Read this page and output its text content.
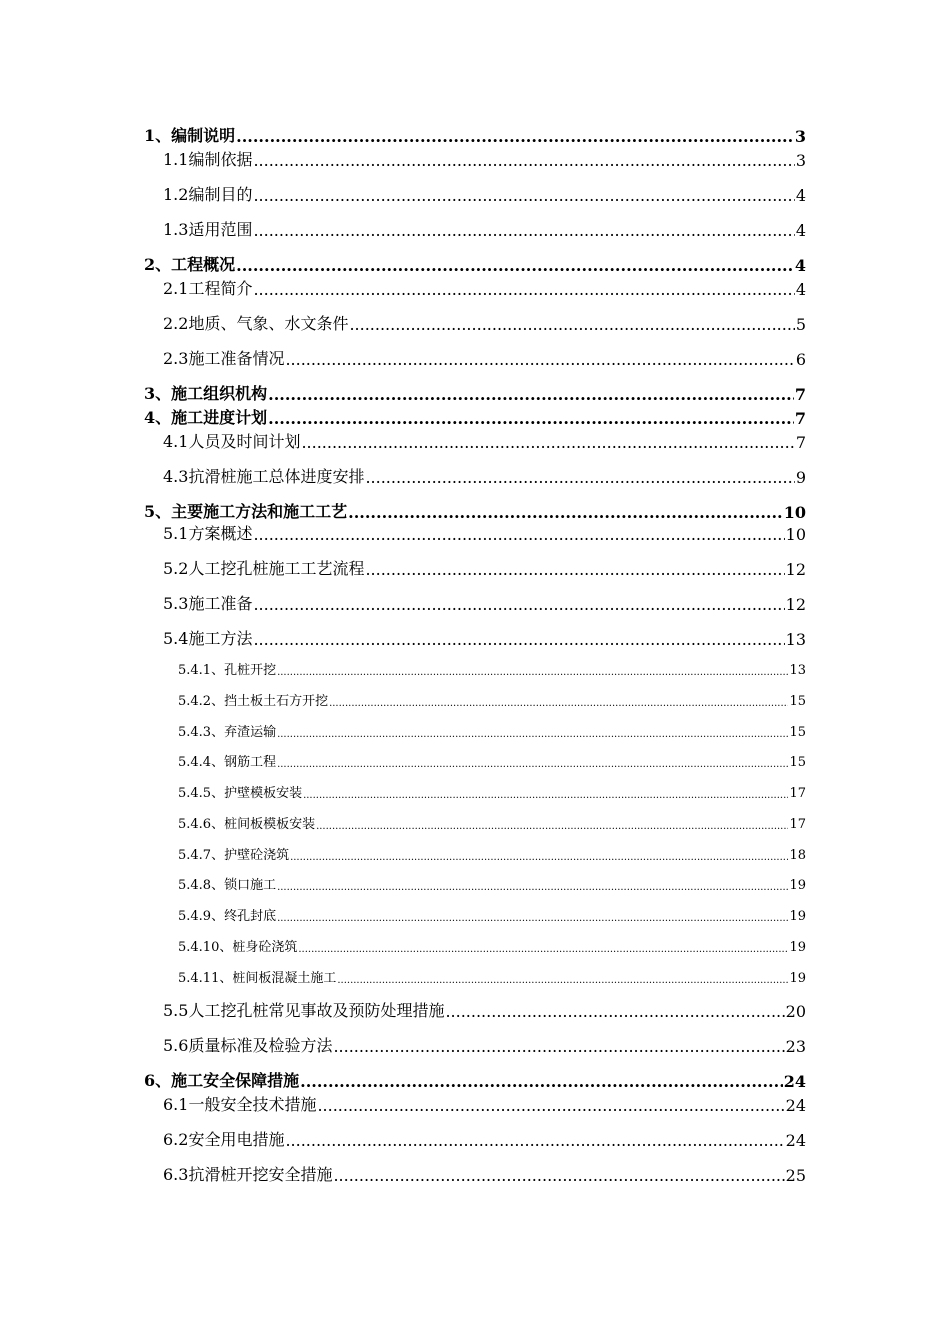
1、编制说明 .....	3
1.1编制依据 .....	3
1.2编制目的 .....	4
1.3适用范围 .....	4
2、工程概况 .....	4
2.1工程简介 .....	4
2.2地质、气象、水文条件 .....	5
2.3施工准备情况 .....	6
3、施工组织机构 .....	7
4、施工进度计划 .....	7
4.1人员及时间计划 .....	7
4.3抗滑桩施工总体进度安排 .....	9
5、主要施工方法和施工工艺 .....	10
5.1方案概述 .....	10
5.2人工挖孔桩施工工艺流程 .....	12
5.3施工准备 .....	12
5.4施工方法 .....	13
5.4.1、孔桩开挖 .....	13
5.4.2、挡土板土石方开挖 .....	15
5.4.3、弃渣运输 .....	15
5.4.4、钢筋工程 .....	15
5.4.5、护壁模板安装 .....	17
5.4.6、桩间板模板安装 .....	17
5.4.7、护壁砼浇筑 .....	18
5.4.8、锁口施工 .....	19
5.4.9、终孔封底 .....	19
5.4.10、桩身砼浇筑 .....	19
5.4.11、桩间板混凝土施工 .....	19
5.5人工挖孔桩常见事故及预防处理措施 .....	20
5.6质量标准及检验方法 .....	23
6、施工安全保障措施 .....	24
6.1一般安全技术措施 .....	24
6.2安全用电措施 .....	24
6.3抗滑桩开挖安全措施 .....	25
